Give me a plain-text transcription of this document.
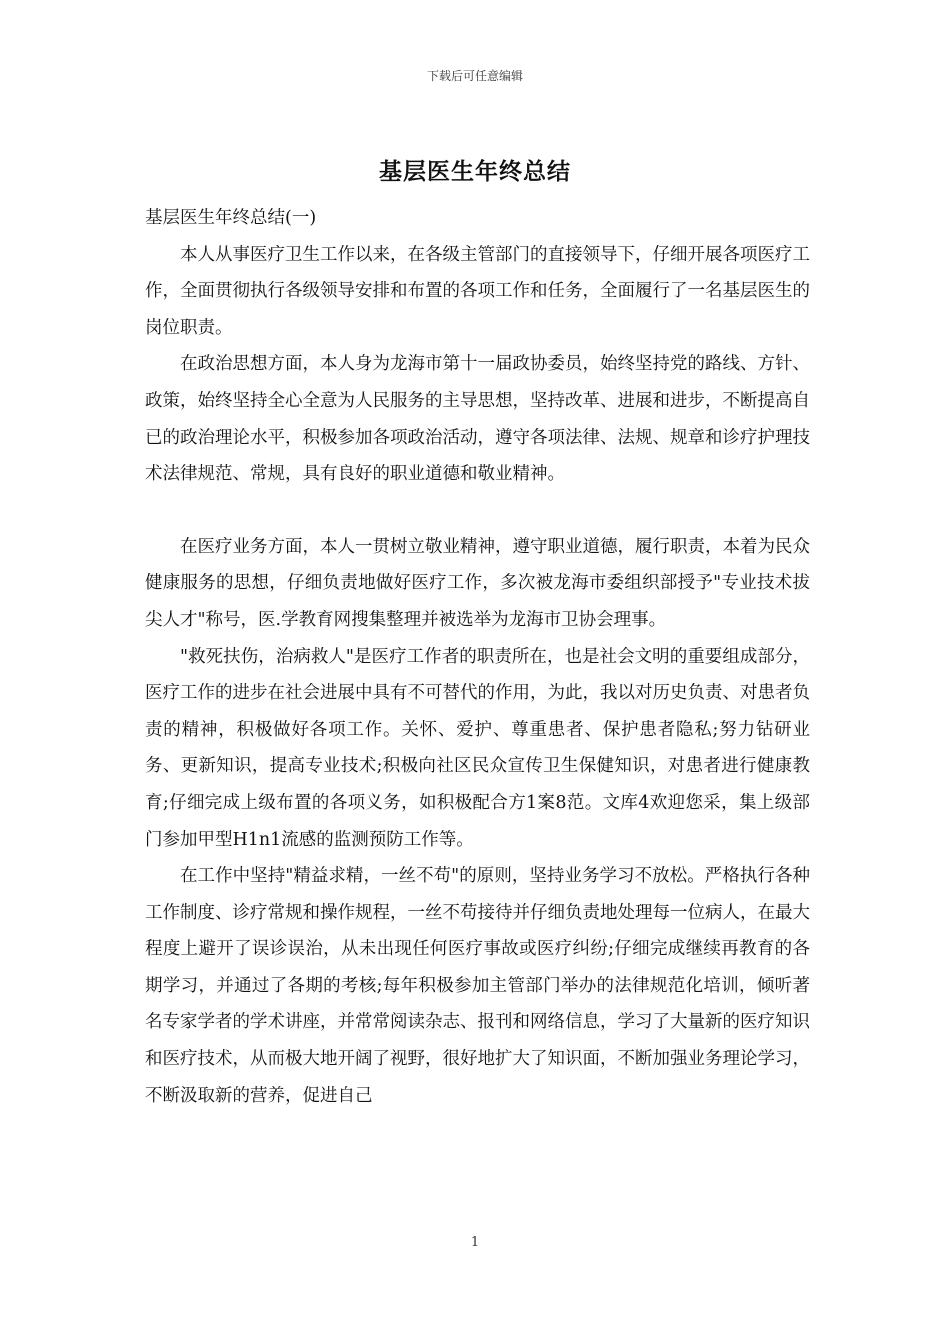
下载后可任意编辑
基层医生年终总结

基层医生年终总结(一)

本人从事医疗卫生工作以来，在各级主管部门的直接领导下，仔细开展各项医疗工作，全面贯彻执行各级领导安排和布置的各项工作和任务，全面履行了一名基层医生的岗位职责。

在政治思想方面，本人身为龙海市第十一届政协委员，始终坚持党的路线、方针、政策，始终坚持全心全意为人民服务的主导思想，坚持改革、进展和进步，不断提高自已的政治理论水平，积极参加各项政治活动，遵守各项法律、法规、规章和诊疗护理技术法律规范、常规，具有良好的职业道德和敬业精神。

在医疗业务方面，本人一贯树立敬业精神，遵守职业道德，履行职责，本着为民众健康服务的思想，仔细负责地做好医疗工作，多次被龙海市委组织部授予"专业技术拔尖人才"称号，医.学教育网搜集整理并被选举为龙海市卫协会理事。

"救死扶伤，治病救人"是医疗工作者的职责所在，也是社会文明的重要组成部分，医疗工作的进步在社会进展中具有不可替代的作用，为此，我以对历史负责、对患者负责的精神，积极做好各项工作。关怀、爱护、尊重患者、保护患者隐私;努力钻研业务、更新知识，提高专业技术;积极向社区民众宣传卫生保健知识，对患者进行健康教育;仔细完成上级布置的各项义务，如积极配合方1案8范。文库4欢迎您采，集上级部门参加甲型H1n1流感的监测预防工作等。

在工作中坚持"精益求精，一丝不苟"的原则，坚持业务学习不放松。严格执行各种工作制度、诊疗常规和操作规程，一丝不苟接待并仔细负责地处理每一位病人，在最大程度上避开了误诊误治，从未出现任何医疗事故或医疗纠纷;仔细完成继续再教育的各期学习，并通过了各期的考核;每年积极参加主管部门举办的法律规范化培训，倾听著名专家学者的学术讲座，并常常阅读杂志、报刊和网络信息，学习了大量新的医疗知识和医疗技术，从而极大地开阔了视野，很好地扩大了知识面，不断加强业务理论学习，不断汲取新的营养，促进自己

1
